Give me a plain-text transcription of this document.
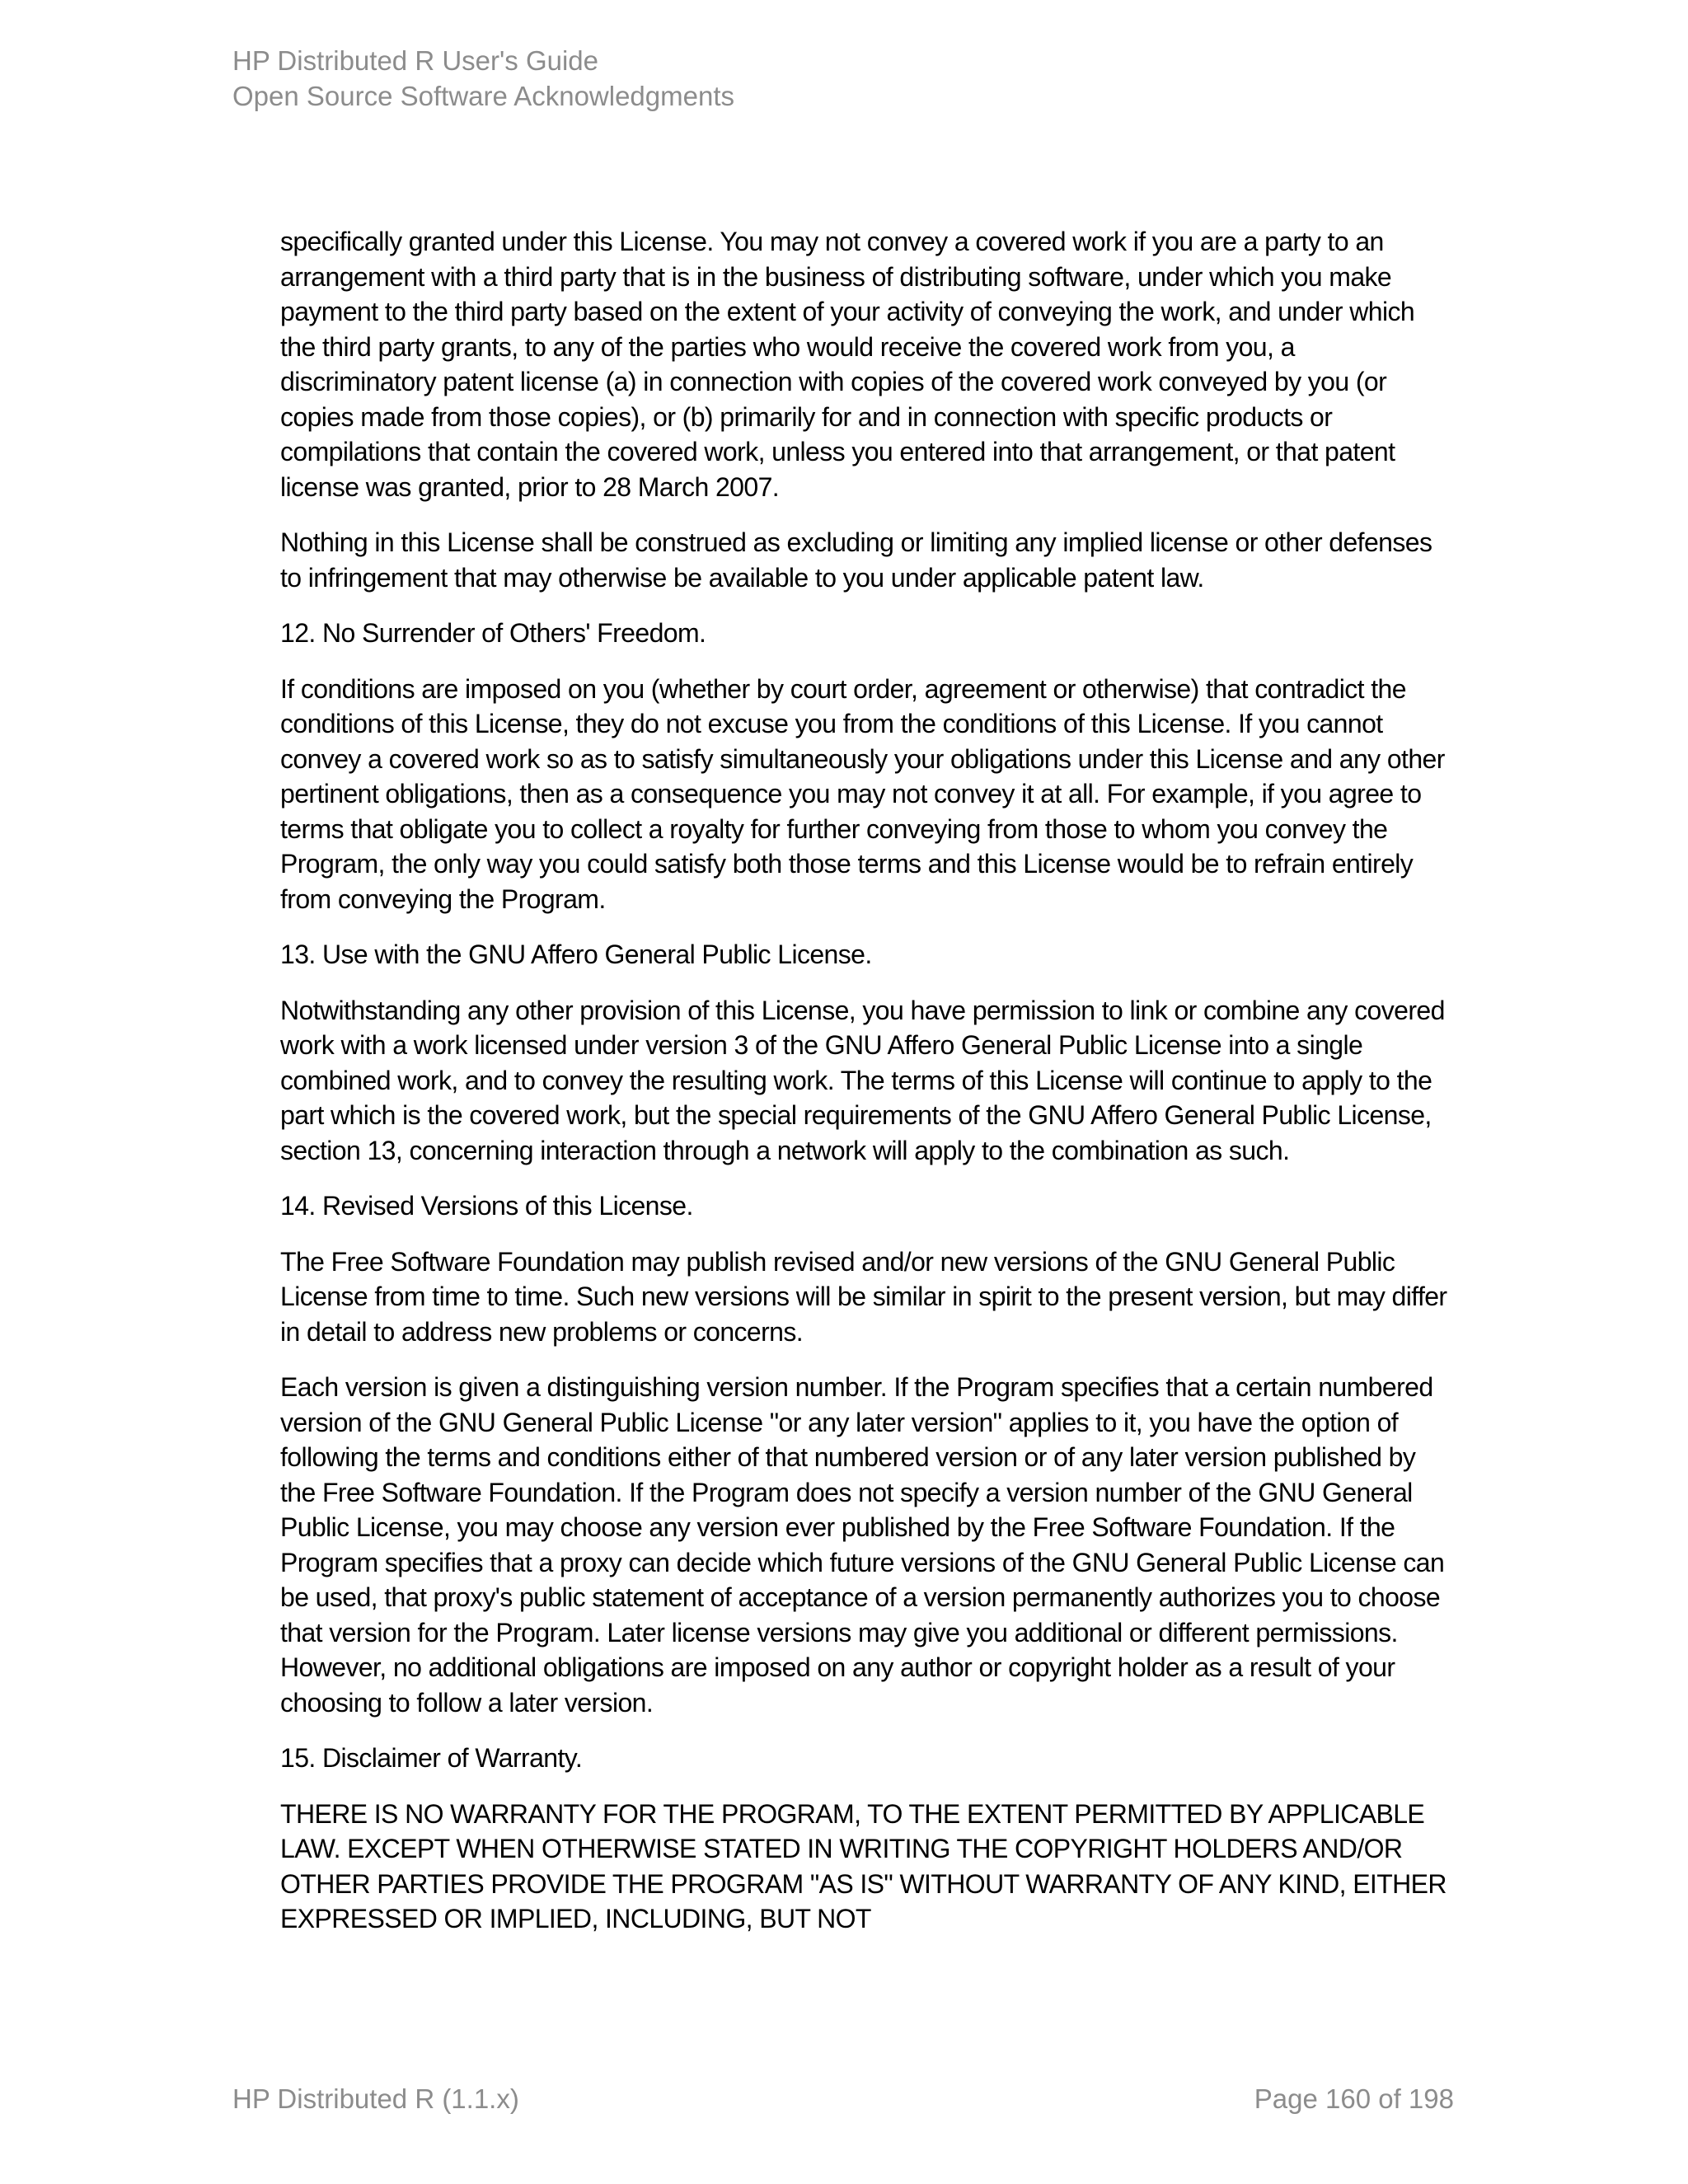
HP Distributed R User's Guide
Open Source Software Acknowledgments

specifically granted under this License. You may not convey a covered work if you are a party to an arrangement with a third party that is in the business of distributing software, under which you make payment to the third party based on the extent of your activity of conveying the work, and under which the third party grants, to any of the parties who would receive the covered work from you, a discriminatory patent license (a) in connection with copies of the covered work conveyed by you (or copies made from those copies), or (b) primarily for and in connection with specific products or compilations that contain the covered work, unless you entered into that arrangement, or that patent license was granted, prior to 28 March 2007.

Nothing in this License shall be construed as excluding or limiting any implied license or other defenses to infringement that may otherwise be available to you under applicable patent law.

12. No Surrender of Others' Freedom.

If conditions are imposed on you (whether by court order, agreement or otherwise) that contradict the conditions of this License, they do not excuse you from the conditions of this License. If you cannot convey a covered work so as to satisfy simultaneously your obligations under this License and any other pertinent obligations, then as a consequence you may not convey it at all. For example, if you agree to terms that obligate you to collect a royalty for further conveying from those to whom you convey the Program, the only way you could satisfy both those terms and this License would be to refrain entirely from conveying the Program.

13. Use with the GNU Affero General Public License.

Notwithstanding any other provision of this License, you have permission to link or combine any covered work with a work licensed under version 3 of the GNU Affero General Public License into a single combined work, and to convey the resulting work. The terms of this License will continue to apply to the part which is the covered work, but the special requirements of the GNU Affero General Public License, section 13, concerning interaction through a network will apply to the combination as such.

14. Revised Versions of this License.

The Free Software Foundation may publish revised and/or new versions of the GNU General Public License from time to time. Such new versions will be similar in spirit to the present version, but may differ in detail to address new problems or concerns.

Each version is given a distinguishing version number. If the Program specifies that a certain numbered version of the GNU General Public License "or any later version" applies to it, you have the option of following the terms and conditions either of that numbered version or of any later version published by the Free Software Foundation. If the Program does not specify a version number of the GNU General Public License, you may choose any version ever published by the Free Software Foundation. If the Program specifies that a proxy can decide which future versions of the GNU General Public License can be used, that proxy's public statement of acceptance of a version permanently authorizes you to choose that version for the Program. Later license versions may give you additional or different permissions. However, no additional obligations are imposed on any author or copyright holder as a result of your choosing to follow a later version.

15. Disclaimer of Warranty.

THERE IS NO WARRANTY FOR THE PROGRAM, TO THE EXTENT PERMITTED BY APPLICABLE LAW. EXCEPT WHEN OTHERWISE STATED IN WRITING THE COPYRIGHT HOLDERS AND/OR OTHER PARTIES PROVIDE THE PROGRAM "AS IS" WITHOUT WARRANTY OF ANY KIND, EITHER EXPRESSED OR IMPLIED, INCLUDING, BUT NOT

HP Distributed R (1.1.x)	Page 160 of 198
